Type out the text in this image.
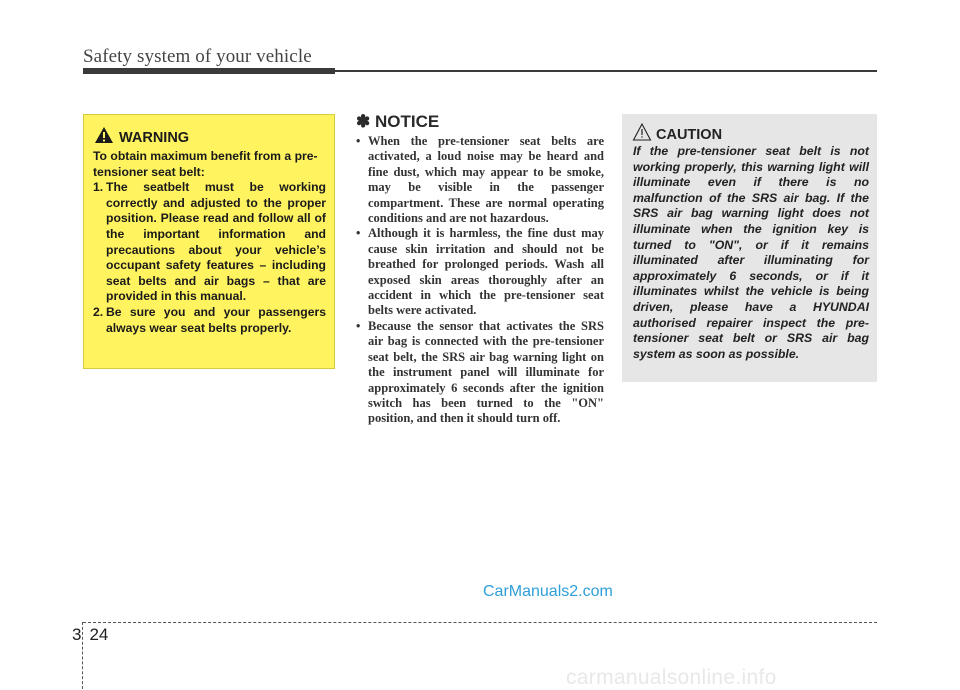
Safety system of your vehicle
WARNING
To obtain maximum benefit from a pre-tensioner seat belt:
1. The seatbelt must be working correctly and adjusted to the proper position. Please read and follow all of the important information and precautions about your vehicle’s occupant safety features – including seat belts and air bags – that are provided in this manual.
2. Be sure you and your passengers always wear seat belts properly.
✽ NOTICE
• When the pre-tensioner seat belts are activated, a loud noise may be heard and fine dust, which may appear to be smoke, may be visible in the passenger compartment. These are normal operating conditions and are not hazardous.
• Although it is harmless, the fine dust may cause skin irritation and should not be breathed for prolonged periods. Wash all exposed skin areas thoroughly after an accident in which the pre-tensioner seat belts were activated.
• Because the sensor that activates the SRS air bag is connected with the pre-tensioner seat belt, the SRS air bag warning light on the instrument panel will illuminate for approximately 6 seconds after the ignition switch has been turned to the "ON" position, and then it should turn off.
CAUTION
If the pre-tensioner seat belt is not working properly, this warning light will illuminate even if there is no malfunction of the SRS air bag. If the SRS air bag warning light does not illuminate when the ignition key is turned to "ON", or if it remains illuminated after illuminating for approximately 6 seconds, or if it illuminates whilst the vehicle is being driven, please have a HYUNDAI authorised repairer inspect the pre-tensioner seat belt or SRS air bag system as soon as possible.
CarManuals2.com
3 24
carmanualsonline.info
